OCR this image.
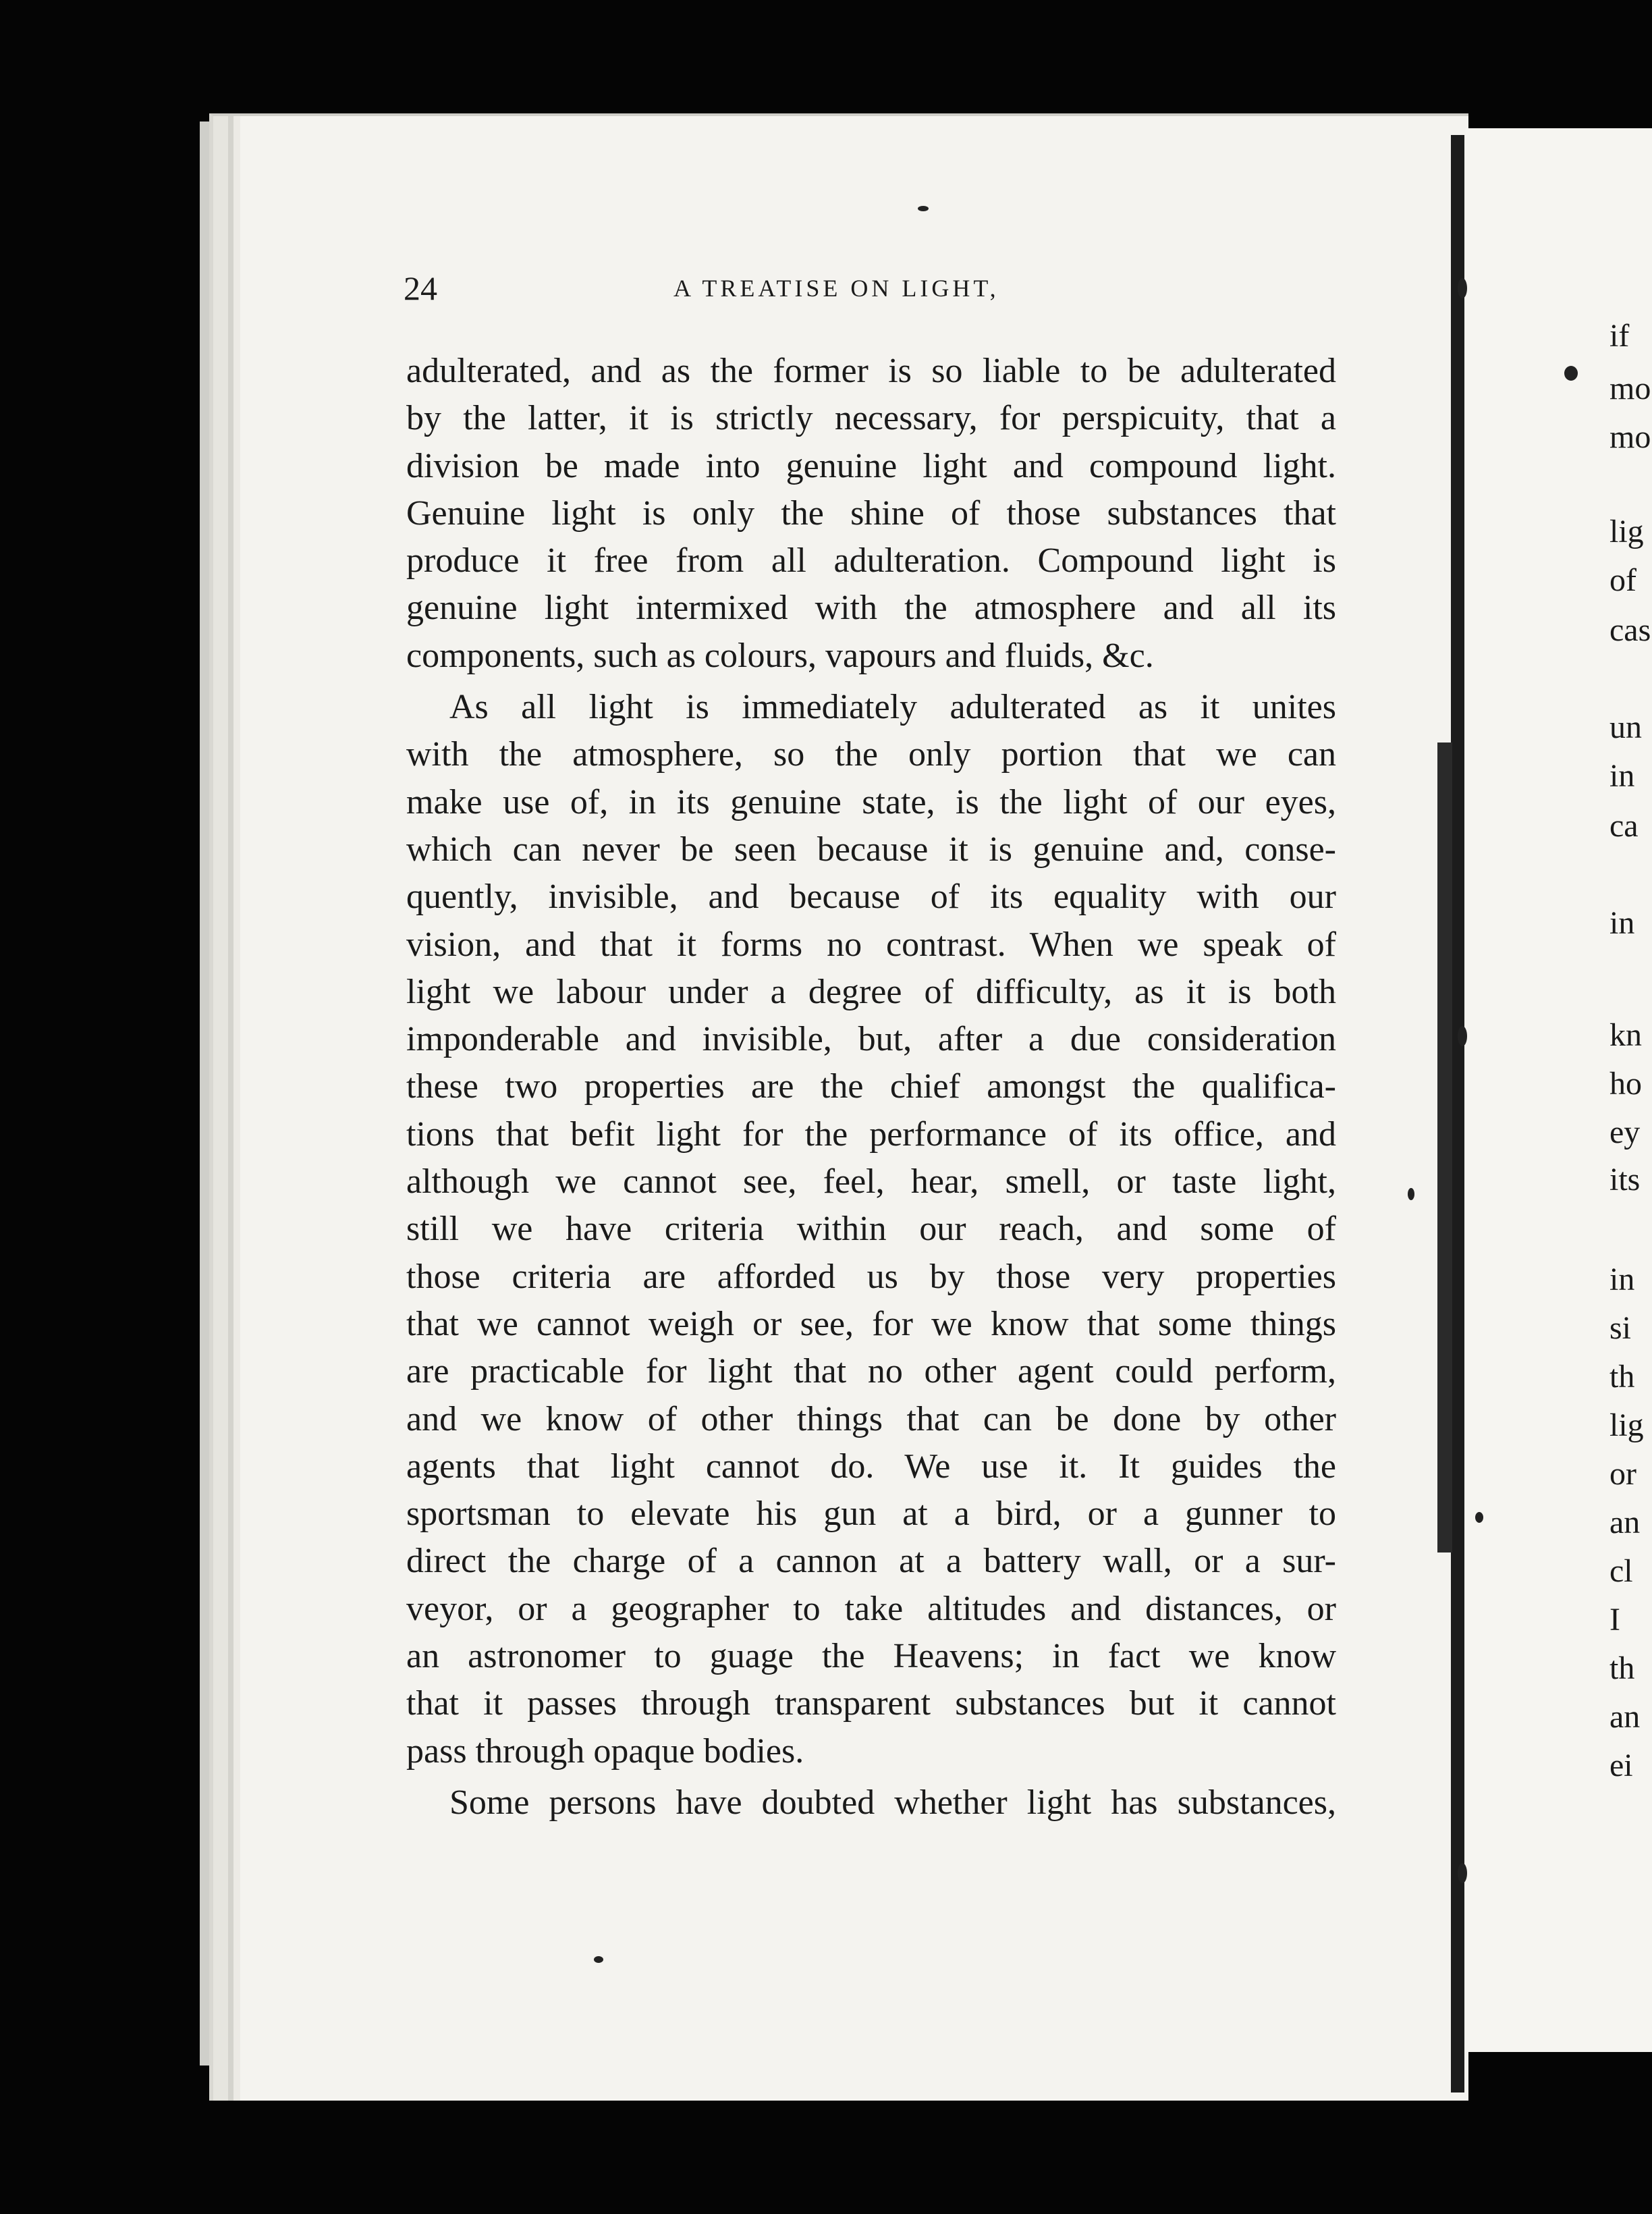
24	A TREATISE ON LIGHT,
adulterated, and as the former is so liable to be adulterated
by the latter, it is strictly necessary, for perspicuity, that a
division be made into genuine light and compound light.
Genuine light is only the shine of those substances that
produce it free from all adulteration. Compound light is
genuine light intermixed with the atmosphere and all its
components, such as colours, vapours and fluids, &c.
As all light is immediately adulterated as it unites
with the atmosphere, so the only portion that we can
make use of, in its genuine state, is the light of our eyes,
which can never be seen because it is genuine and, conse-
quently, invisible, and because of its equality with our
vision, and that it forms no contrast. When we speak of
light we labour under a degree of difficulty, as it is both
imponderable and invisible, but, after a due consideration
these two properties are the chief amongst the qualifica-
tions that befit light for the performance of its office, and
although we cannot see, feel, hear, smell, or taste light,
still we have criteria within our reach, and some of
those criteria are afforded us by those very properties
that we cannot weigh or see, for we know that some things
are practicable for light that no other agent could perform,
and we know of other things that can be done by other
agents that light cannot do. We use it. It guides the
sportsman to elevate his gun at a bird, or a gunner to
direct the charge of a cannon at a battery wall, or a sur-
veyor, or a geographer to take altitudes and distances, or
an astronomer to guage the Heavens; in fact we know
that it passes through transparent substances but it cannot
pass through opaque bodies.
Some persons have doubted whether light has substances,
if
mo
mo
lig
of
cas
un
in
ca
in
kn
ho
ey
its
in
si
th
lig
or
an
cl
I
th
an
ei
